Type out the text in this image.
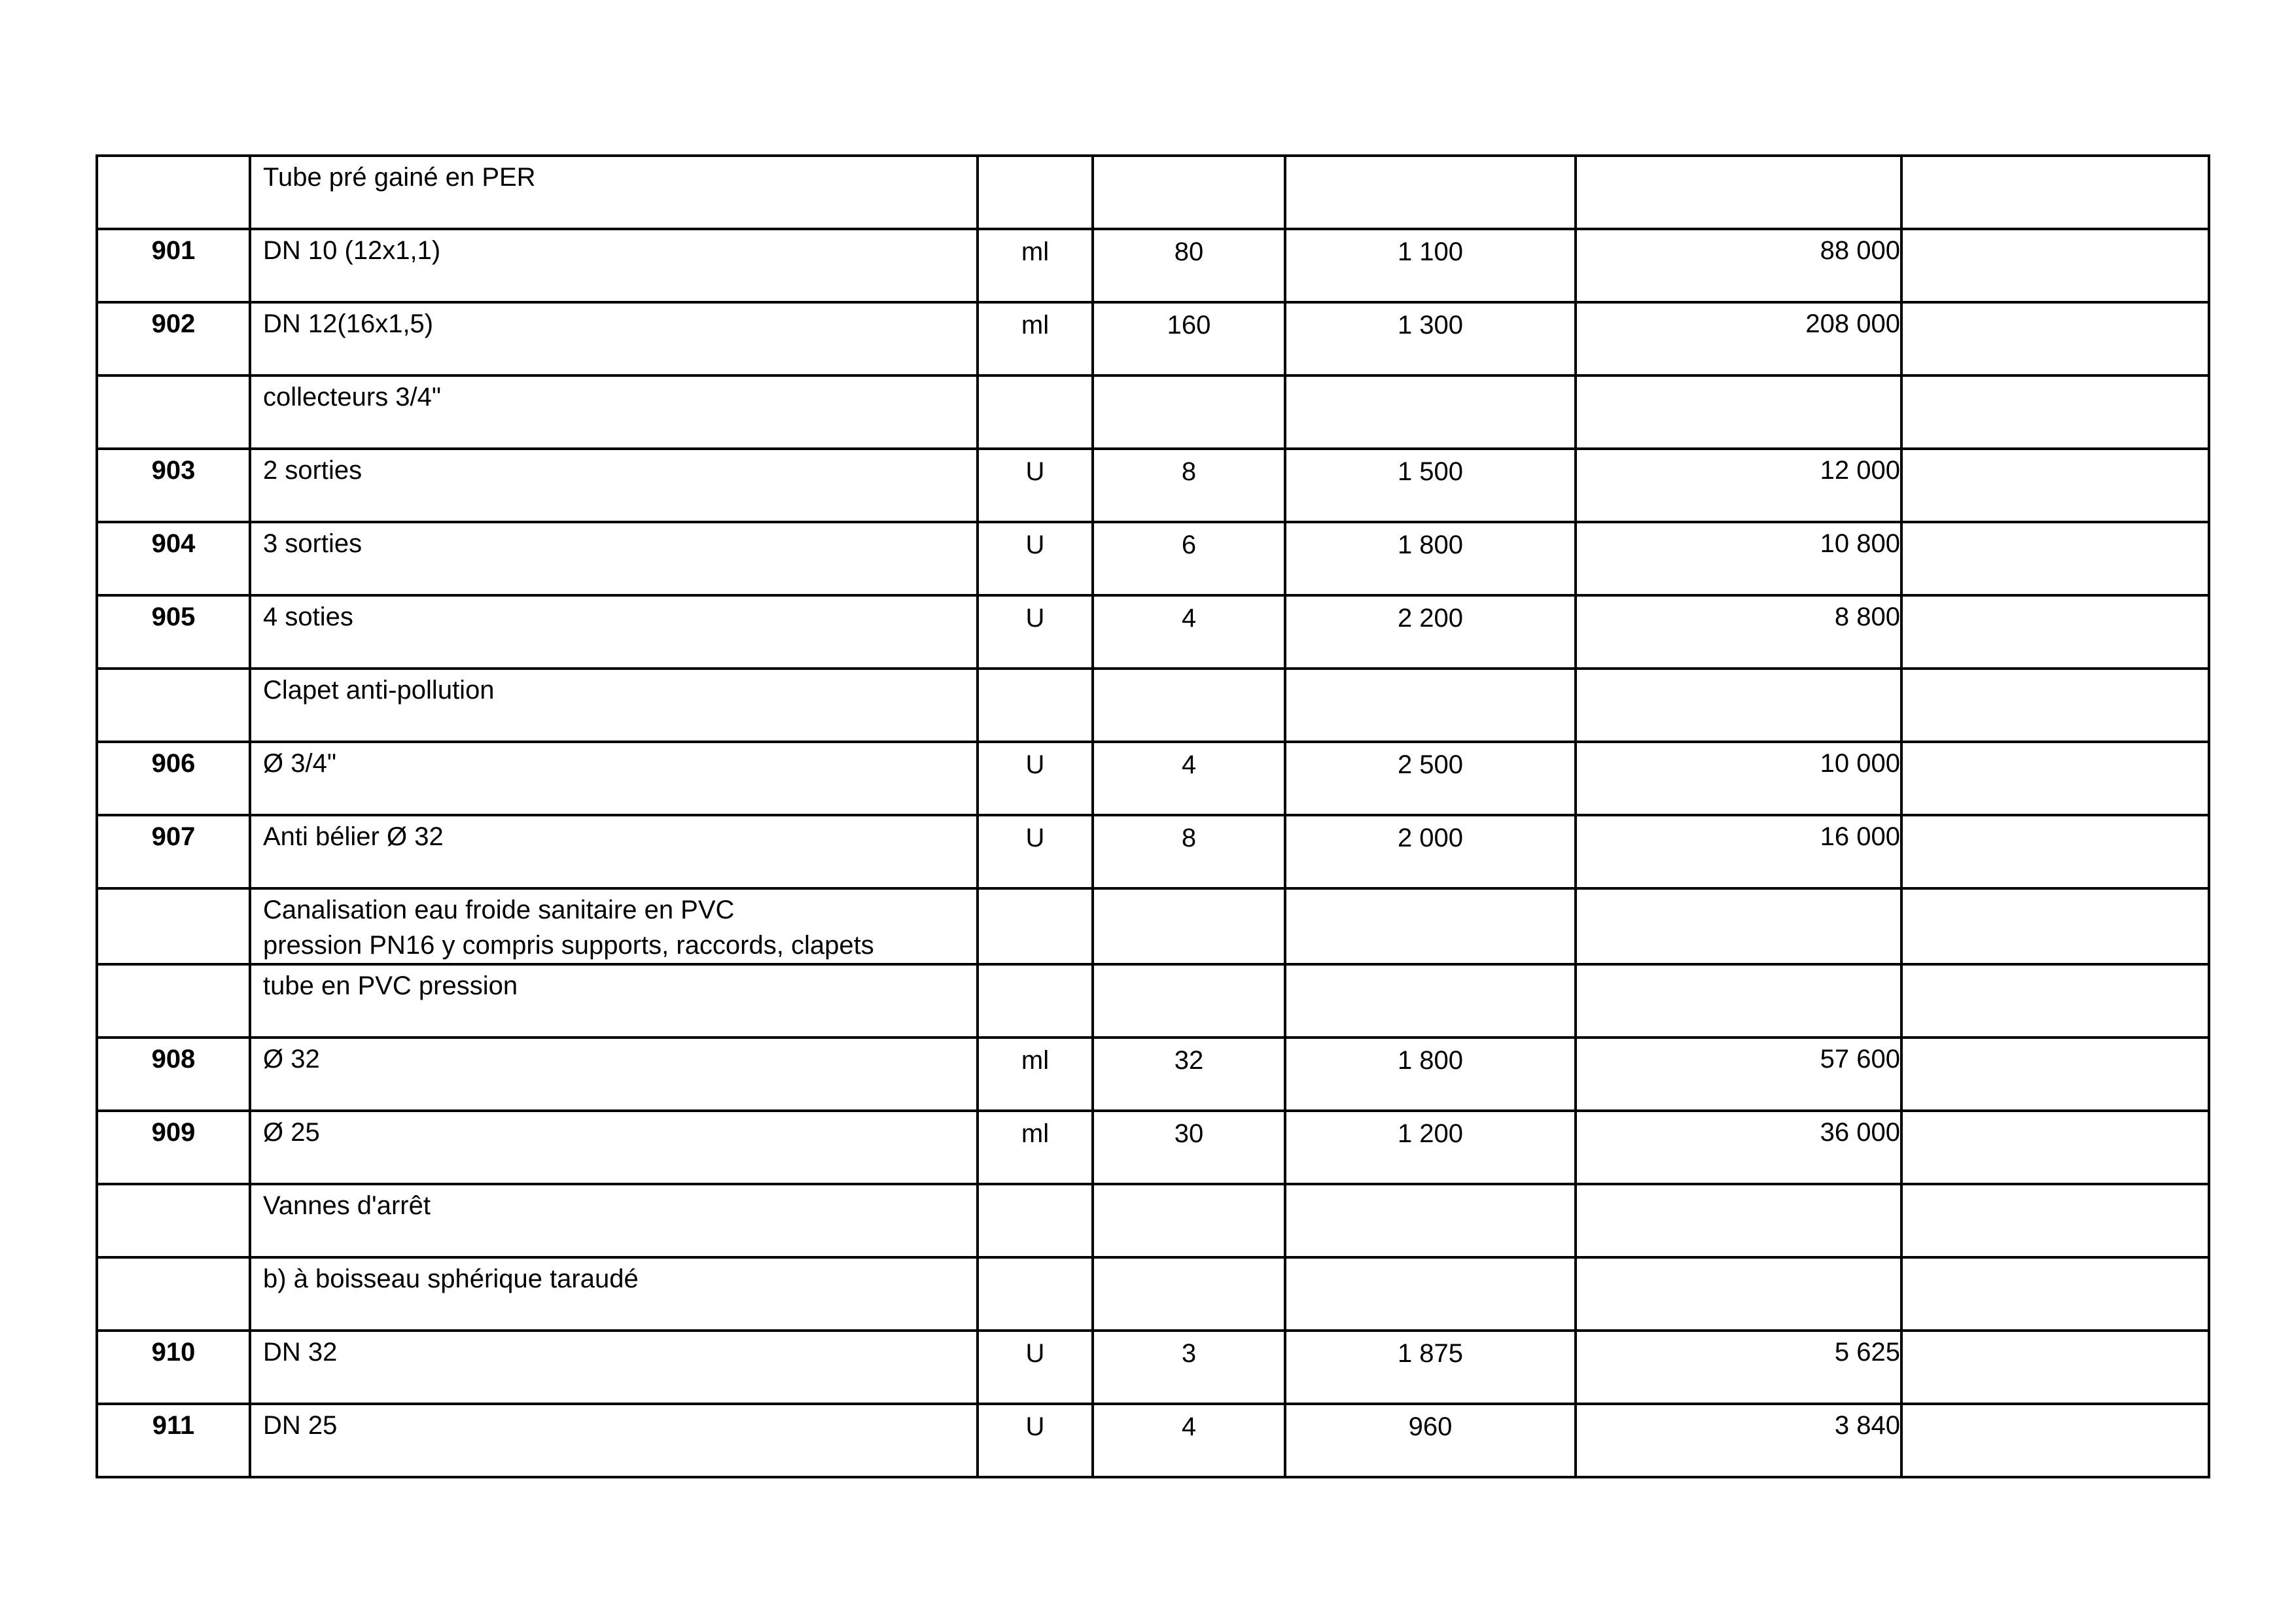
	Tube pré gainé en PER					

901	DN 10 (12x1,1)	ml	80	1 100	88 000	
902	DN 12(16x1,5)	ml	160	1 300	208 000	

	collecteurs 3/4"					

903	2 sorties	U	8	1 500	12 000	
904	3 sorties	U	6	1 800	10 800	
905	4 soties	U	4	2 200	8 800	

	Clapet anti-pollution					

906	Ø 3/4"	U	4	2 500	10 000	
907	Anti bélier Ø 32	U	8	2 000	16 000	

	Canalisation eau froide sanitaire en PVC
pression PN16 y compris supports, raccords, clapets					

	tube en PVC pression					

908	Ø 32	ml	32	1 800	57 600	
909	Ø 25	ml	30	1 200	36 000	

	Vannes d'arrêt					

	b) à boisseau sphérique taraudé					

910	DN 32	U	3	1 875	5 625	
911	DN 25	U	4	960	3 840	
